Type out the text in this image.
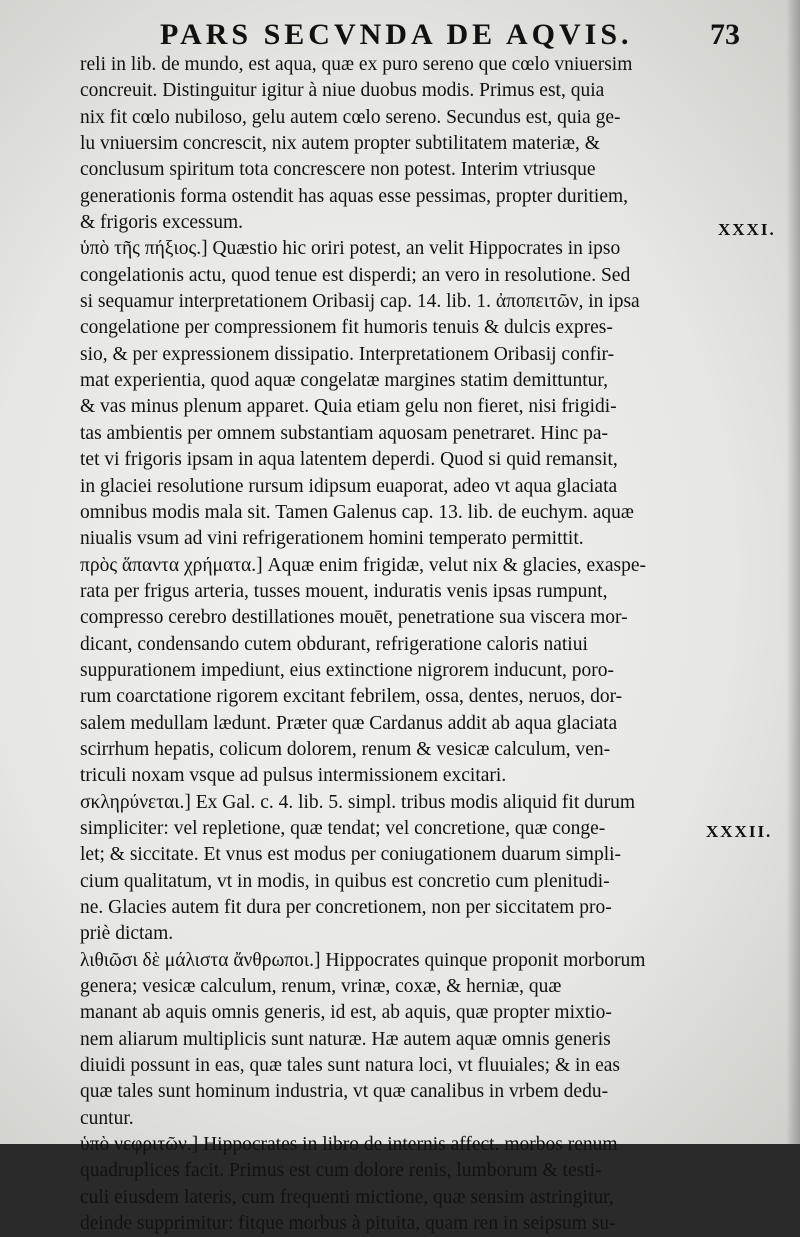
PARS SECVNDA DE AQVIS.	73
XXXI.
XXXII.
reli in lib. de mundo, est aqua, quæ ex puro sereno que cœlo vniuersim
concreuit. Distinguitur igitur à niue duobus modis. Primus est, quia
nix fit cœlo nubiloso, gelu autem cœlo sereno. Secundus est, quia ge-
lu vniuersim concrescit, nix autem propter subtilitatem materiæ, &
conclusum spiritum tota concrescere non potest. Interim vtriusque
generationis forma ostendit has aquas esse pessimas, propter duritiem,
& frigoris excessum.
ὑπὸ τῆς πήξιος.] Quæstio hic oriri potest, an velit Hippocrates in ipso
congelationis actu, quod tenue est disperdi; an vero in resolutione. Sed
si sequamur interpretationem Oribasij cap. 14. lib. 1. ἀποπειτῶν, in ipsa
congelatione per compressionem fit humoris tenuis & dulcis expres-
sio, & per expressionem dissipatio. Interpretationem Oribasij confir-
mat experientia, quod aquæ congelatæ margines statim demittuntur,
& vas minus plenum apparet. Quia etiam gelu non fieret, nisi frigidi-
tas ambientis per omnem substantiam aquosam penetraret. Hinc pa-
tet vi frigoris ipsam in aqua latentem deperdi. Quod si quid remansit,
in glaciei resolutione rursum idipsum euaporat, adeo vt aqua glaciata
omnibus modis mala sit. Tamen Galenus cap. 13. lib. de euchym. aquæ
niualis vsum ad vini refrigerationem homini temperato permittit.
πρὸς ἅπαντα χρήματα.] Aquæ enim frigidæ, velut nix & glacies, exaspe-
rata per frigus arteria, tusses mouent, induratis venis ipsas rumpunt,
compresso cerebro destillationes mouēt, penetratione sua viscera mor-
dicant, condensando cutem obdurant, refrigeratione caloris natiui
suppurationem impediunt, eius extinctione nigrorem inducunt, poro-
rum coarctatione rigorem excitant febrilem, ossa, dentes, neruos, dor-
salem medullam lædunt. Præter quæ Cardanus addit ab aqua glaciata
scirrhum hepatis, colicum dolorem, renum & vesicæ calculum, ven-
triculi noxam vsque ad pulsus intermissionem excitari.
σκληρύνεται.] Ex Gal. c. 4. lib. 5. simpl. tribus modis aliquid fit durum
simpliciter: vel repletione, quæ tendat; vel concretione, quæ conge-
let; & siccitate. Et vnus est modus per coniugationem duarum simpli-
cium qualitatum, vt in modis, in quibus est concretio cum plenitudi-
ne. Glacies autem fit dura per concretionem, non per siccitatem pro-
priè dictam.
λιθιῶσι δὲ μάλιστα ἄνθρωποι.] Hippocrates quinque proponit morborum
genera; vesicæ calculum, renum, vrinæ, coxæ, & herniæ, quæ
manant ab aquis omnis generis, id est, ab aquis, quæ propter mixtio-
nem aliarum multiplicis sunt naturæ. Hæ autem aquæ omnis generis
diuidi possunt in eas, quæ tales sunt natura loci, vt fluuiales; & in eas
quæ tales sunt hominum industria, vt quæ canalibus in vrbem dedu-
cuntur.
ὑπὸ νεφριτῶν.] Hippocrates in libro de internis affect. morbos renum
quadruplices facit. Primus est cum dolore renis, lumborum & testi-
culi eiusdem lateris, cum frequenti mictione, quæ sensim astringitur,
deinde supprimitur: fitque morbus à pituita, quam ren in seipsum su-
